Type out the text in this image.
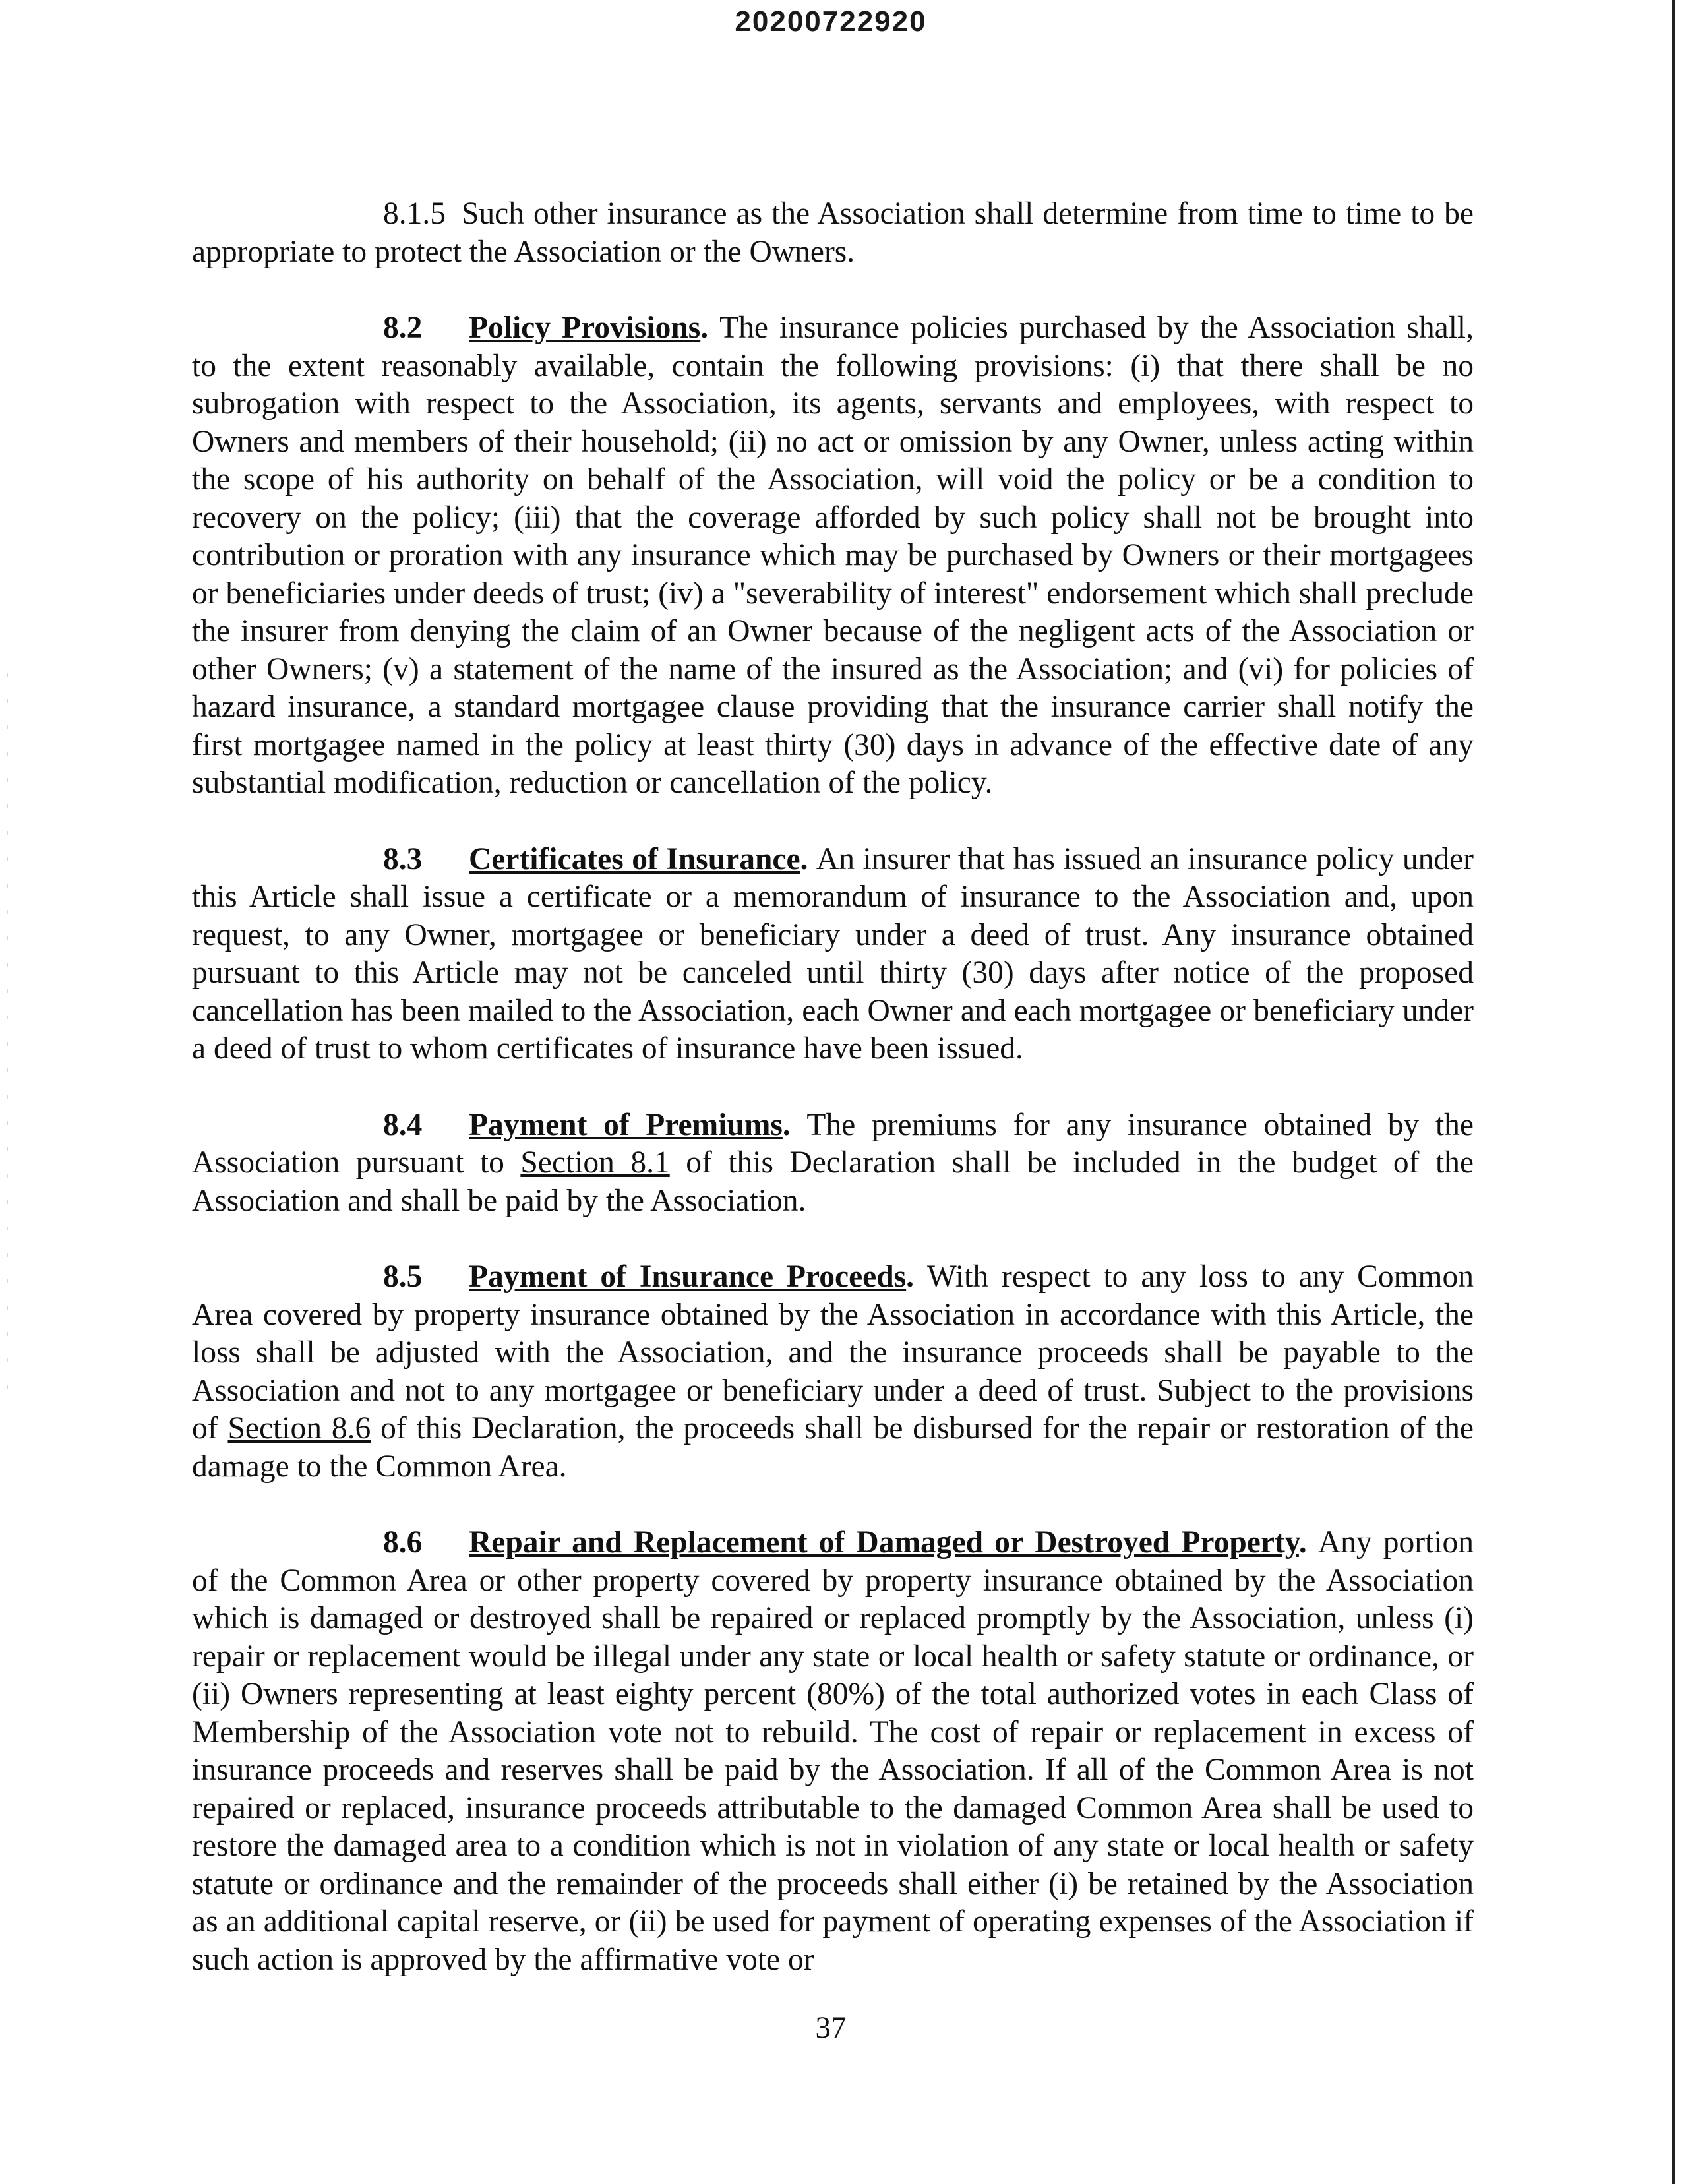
20200722920

8.1.5 Such other insurance as the Association shall determine from time to time to be appropriate to protect the Association or the Owners.

8.2 Policy Provisions. The insurance policies purchased by the Association shall, to the extent reasonably available, contain the following provisions: (i) that there shall be no subrogation with respect to the Association, its agents, servants and employees, with respect to Owners and members of their household; (ii) no act or omission by any Owner, unless acting within the scope of his authority on behalf of the Association, will void the policy or be a condition to recovery on the policy; (iii) that the coverage afforded by such policy shall not be brought into contribution or proration with any insurance which may be purchased by Owners or their mortgagees or beneficiaries under deeds of trust; (iv) a "severability of interest" endorsement which shall preclude the insurer from denying the claim of an Owner because of the negligent acts of the Association or other Owners; (v) a statement of the name of the insured as the Association; and (vi) for policies of hazard insurance, a standard mortgagee clause providing that the insurance carrier shall notify the first mortgagee named in the policy at least thirty (30) days in advance of the effective date of any substantial modification, reduction or cancellation of the policy.

8.3 Certificates of Insurance. An insurer that has issued an insurance policy under this Article shall issue a certificate or a memorandum of insurance to the Association and, upon request, to any Owner, mortgagee or beneficiary under a deed of trust. Any insurance obtained pursuant to this Article may not be canceled until thirty (30) days after notice of the proposed cancellation has been mailed to the Association, each Owner and each mortgagee or beneficiary under a deed of trust to whom certificates of insurance have been issued.

8.4 Payment of Premiums. The premiums for any insurance obtained by the Association pursuant to Section 8.1 of this Declaration shall be included in the budget of the Association and shall be paid by the Association.

8.5 Payment of Insurance Proceeds. With respect to any loss to any Common Area covered by property insurance obtained by the Association in accordance with this Article, the loss shall be adjusted with the Association, and the insurance proceeds shall be payable to the Association and not to any mortgagee or beneficiary under a deed of trust. Subject to the provisions of Section 8.6 of this Declaration, the proceeds shall be disbursed for the repair or restoration of the damage to the Common Area.

8.6 Repair and Replacement of Damaged or Destroyed Property. Any portion of the Common Area or other property covered by property insurance obtained by the Association which is damaged or destroyed shall be repaired or replaced promptly by the Association, unless (i) repair or replacement would be illegal under any state or local health or safety statute or ordinance, or (ii) Owners representing at least eighty percent (80%) of the total authorized votes in each Class of Membership of the Association vote not to rebuild. The cost of repair or replacement in excess of insurance proceeds and reserves shall be paid by the Association. If all of the Common Area is not repaired or replaced, insurance proceeds attributable to the damaged Common Area shall be used to restore the damaged area to a condition which is not in violation of any state or local health or safety statute or ordinance and the remainder of the proceeds shall either (i) be retained by the Association as an additional capital reserve, or (ii) be used for payment of operating expenses of the Association if such action is approved by the affirmative vote or

37
